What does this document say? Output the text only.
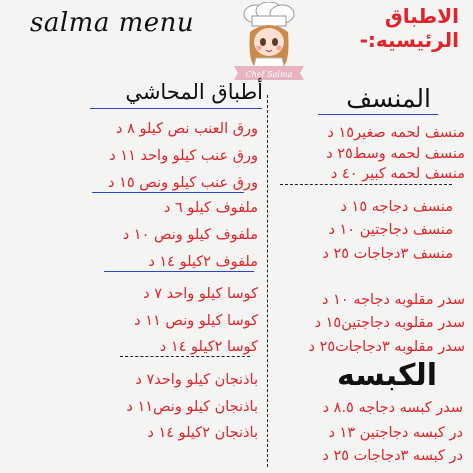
salma menu
Chef Salma
الاطباق الرئيسيه:-
أطباق المحاشي
ورق العنب نص كيلو ٨ د
ورق عنب كيلو واحد ١١ د
ورق عنب كيلو ونص ١٥ د
ملفوف كيلو ٦ د
ملفوف كيلو ونص ١٠ د
ملفوف ٢كيلو ١٤ د
كوسا كيلو واحد ٧ د
كوسا كيلو ونص ١١ د
كوسا ٢كيلو ١٤ د
باذنجان كيلو واحد٧ د
باذنجان كيلو ونص١١ د
باذنجان ٢كيلو ١٤ د
المنسف
منسف لحمه صغير١٥ د
منسف لحمه وسط٢٥ د
منسف لحمه كبير ٤٠ د
منسف دجاجه ١٥ د
منسف دجاجتين ١٠ د
منسف ٣دجاجات ٢٥ د
سدر مقلوبه دجاجه ١٠ د
سدر مقلوبه دجاجتين١٥ د
سدر مقلوبه ٣دجاجات٢٥ د
الكبسه
سدر كبسه دجاجه ٨.٥ د
در كبسه دجاجتين ١٣ د
در كبسه ٣دجاجات ٢٥ د
